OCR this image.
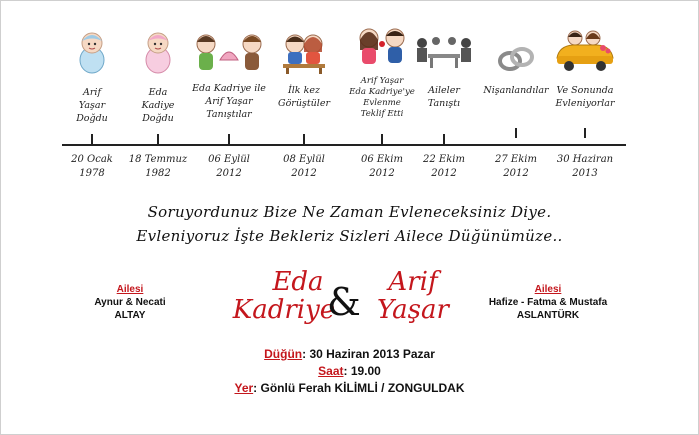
Arif
Yaşar
Doğdu
20 Ocak
1978
Eda
Kadiye
Doğdu
18 Temmuz
1982
Eda Kadriye ile
Arif Yaşar
Tanıştılar
06 Eylül
2012
İlk kez
Görüştüler
08 Eylül
2012
Arif Yaşar
Eda Kadriye'ye
Evlenme
Teklif Etti
06 Ekim
2012
Aileler
Tanıştı
22 Ekim
2012
Nişanlandılar
27 Ekim
2012
Ve Sonunda
Evleniyorlar
30 Haziran
2013
Soruyordunuz Bize Ne Zaman Evleneceksiniz Diye.
Evleniyoruz İşte Bekleriz Sizleri Ailece Düğünümüze..
Ailesi
Aynur & Necati
ALTAY
Eda
Kadriye
&	Arif
Yaşar
Ailesi
Hafize - Fatma & Mustafa
ASLANTÜRK
Düğün: 30 Haziran 2013 Pazar
Saat: 19.00
Yer: Gönlü Ferah KİLİMLİ / ZONGULDAK
